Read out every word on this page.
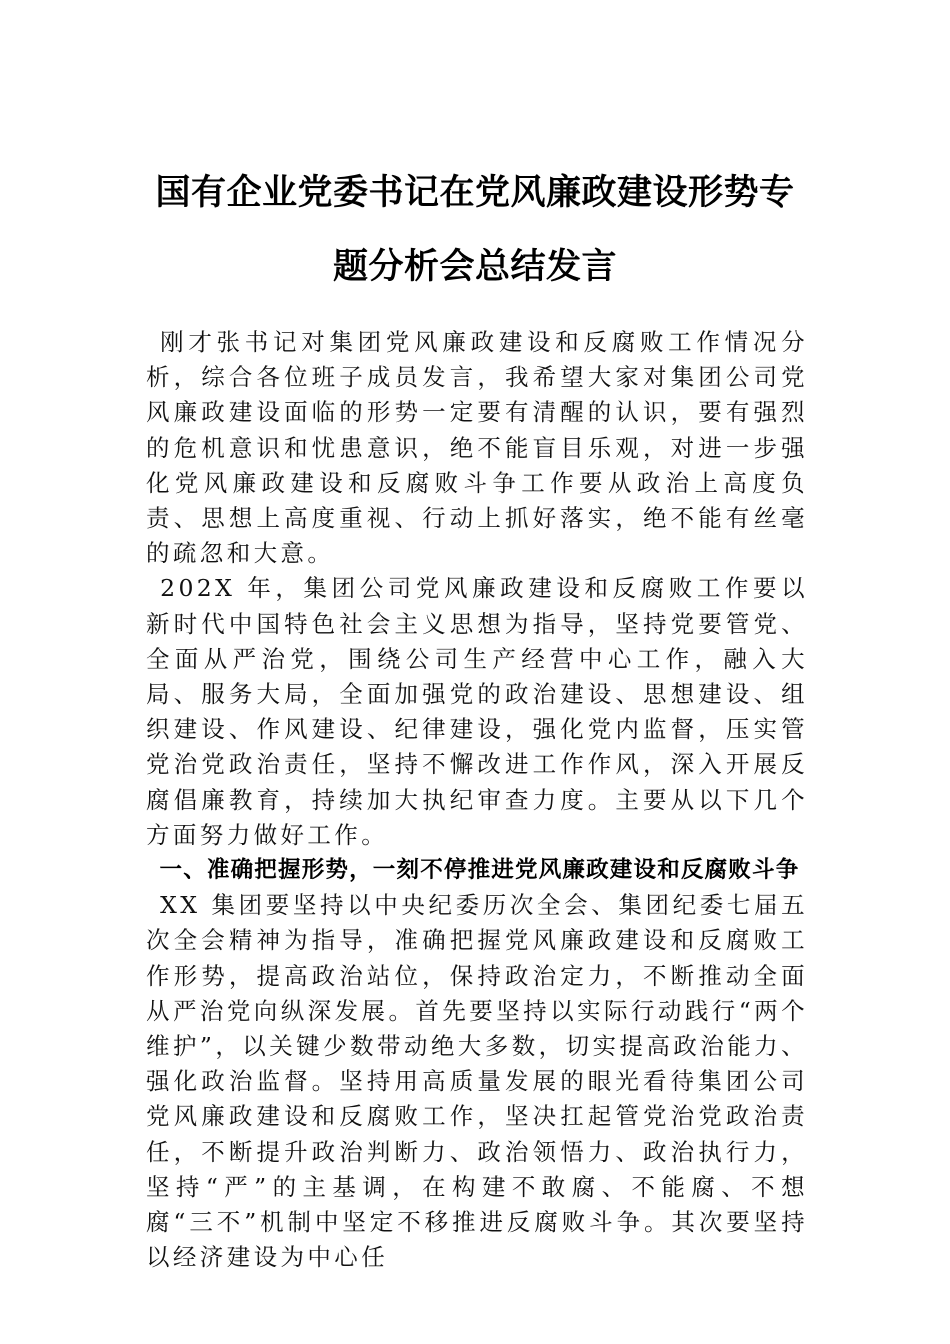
国有企业党委书记在党风廉政建设形势专
题分析会总结发言

刚才张书记对集团党风廉政建设和反腐败工作情况分析，综合各位班子成员发言，我希望大家对集团公司党风廉政建设面临的形势一定要有清醒的认识，要有强烈的危机意识和忧患意识，绝不能盲目乐观，对进一步强化党风廉政建设和反腐败斗争工作要从政治上高度负责、思想上高度重视、行动上抓好落实，绝不能有丝毫的疏忽和大意。

202X 年，集团公司党风廉政建设和反腐败工作要以新时代中国特色社会主义思想为指导，坚持党要管党、全面从严治党，围绕公司生产经营中心工作，融入大局、服务大局，全面加强党的政治建设、思想建设、组织建设、作风建设、纪律建设，强化党内监督，压实管党治党政治责任，坚持不懈改进工作作风，深入开展反腐倡廉教育，持续加大执纪审查力度。主要从以下几个方面努力做好工作。

一、准确把握形势，一刻不停推进党风廉政建设和反腐败斗争

XX 集团要坚持以中央纪委历次全会、集团纪委七届五次全会精神为指导，准确把握党风廉政建设和反腐败工作形势，提高政治站位，保持政治定力，不断推动全面从严治党向纵深发展。首先要坚持以实际行动践行“两个维护”，以关键少数带动绝大多数，切实提高政治能力、强化政治监督。坚持用高质量发展的眼光看待集团公司党风廉政建设和反腐败工作，坚决扛起管党治党政治责任，不断提升政治判断力、政治领悟力、政治执行力，坚持“严”的主基调，在构建不敢腐、不能腐、不想腐“三不”机制中坚定不移推进反腐败斗争。其次要坚持以经济建设为中心任
